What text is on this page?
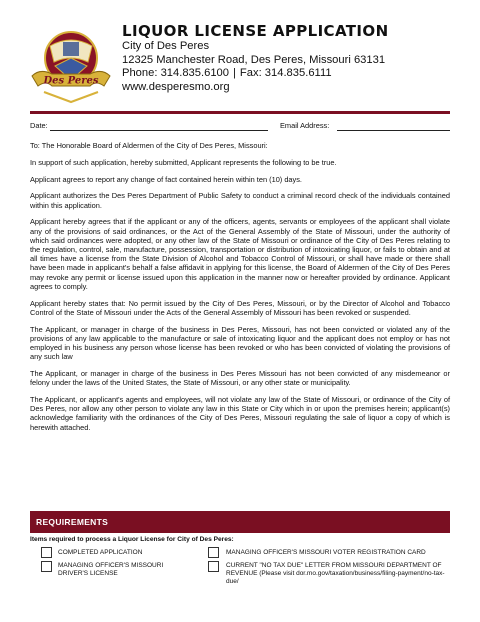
Des Peres
LIQUOR LICENSE APPLICATION
City of Des Peres
12325 Manchester Road, Des Peres, Missouri 63131
Phone: 314.835.6100 | Fax: 314.835.6111
www.desperesmo.org
Date:	Email Address:

To: The Honorable Board of Aldermen of the City of Des Peres, Missouri:

In support of such application, hereby submitted, Applicant represents the following to be true.

Applicant agrees to report any change of fact contained herein within ten (10) days.

Applicant authorizes the Des Peres Department of Public Safety to conduct a criminal record check of the individuals contained within this application.

Applicant hereby agrees that if the applicant or any of the officers, agents, servants or employees of the applicant shall violate any of the provisions of said ordinances, or the Act of the General Assembly of the State of Missouri, under the authority of which said ordinances were adopted, or any other law of the State of Missouri or ordinance of the City of Des Peres relating to the regulation, control, sale, manufacture, possession, transportation or distribution of intoxicating liquor, or fails to obtain and at all times have a license from the State Division of Alcohol and Tobacco Control of Missouri, or shall have made or there shall have been made in applicant's behalf a false affidavit in applying for this license, the Board of Aldermen of the City of Des Peres may revoke any permit or license issued upon this application in the manner now or hereafter provided by ordinance. Applicant agrees to comply.

Applicant hereby states that: No permit issued by the City of Des Peres, Missouri, or by the Director of Alcohol and Tobacco Control of the State of Missouri under the Acts of the General Assembly of Missouri has been revoked or suspended.

The Applicant, or manager in charge of the business in Des Peres, Missouri, has not been convicted or violated any of the provisions of any law applicable to the manufacture or sale of intoxicating liquor and the applicant does not employ or has not employed in his business any person whose license has been revoked or who has been convicted of violating the provisions of any such law

The Applicant, or manager in charge of the business in Des Peres Missouri has not been convicted of any misdemeanor or felony under the laws of the United States, the State of Missouri, or any other state or municipality.

The Applicant, or applicant's agents and employees, will not violate any law of the State of Missouri, or ordinance of the City of Des Peres, nor allow any other person to violate any law in this State or City which in or upon the premises herein; applicant(s) acknowledge familiarity with the ordinances of the City of Des Peres, Missouri regulating the sale of liquor a copy of which is herewith attached.

REQUIREMENTS
Items required to process a Liquor License for City of Des Peres:
COMPLETED APPLICATION	MANAGING OFFICER'S MISSOURI VOTER REGISTRATION CARD
MANAGING OFFICER'S MISSOURI DRIVER'S LICENSE
CURRENT "NO TAX DUE" LETTER FROM MISSOURI DEPARTMENT OF REVENUE (Please visit dor.mo.gov/taxation/business/filing-payment/no-tax-due/
